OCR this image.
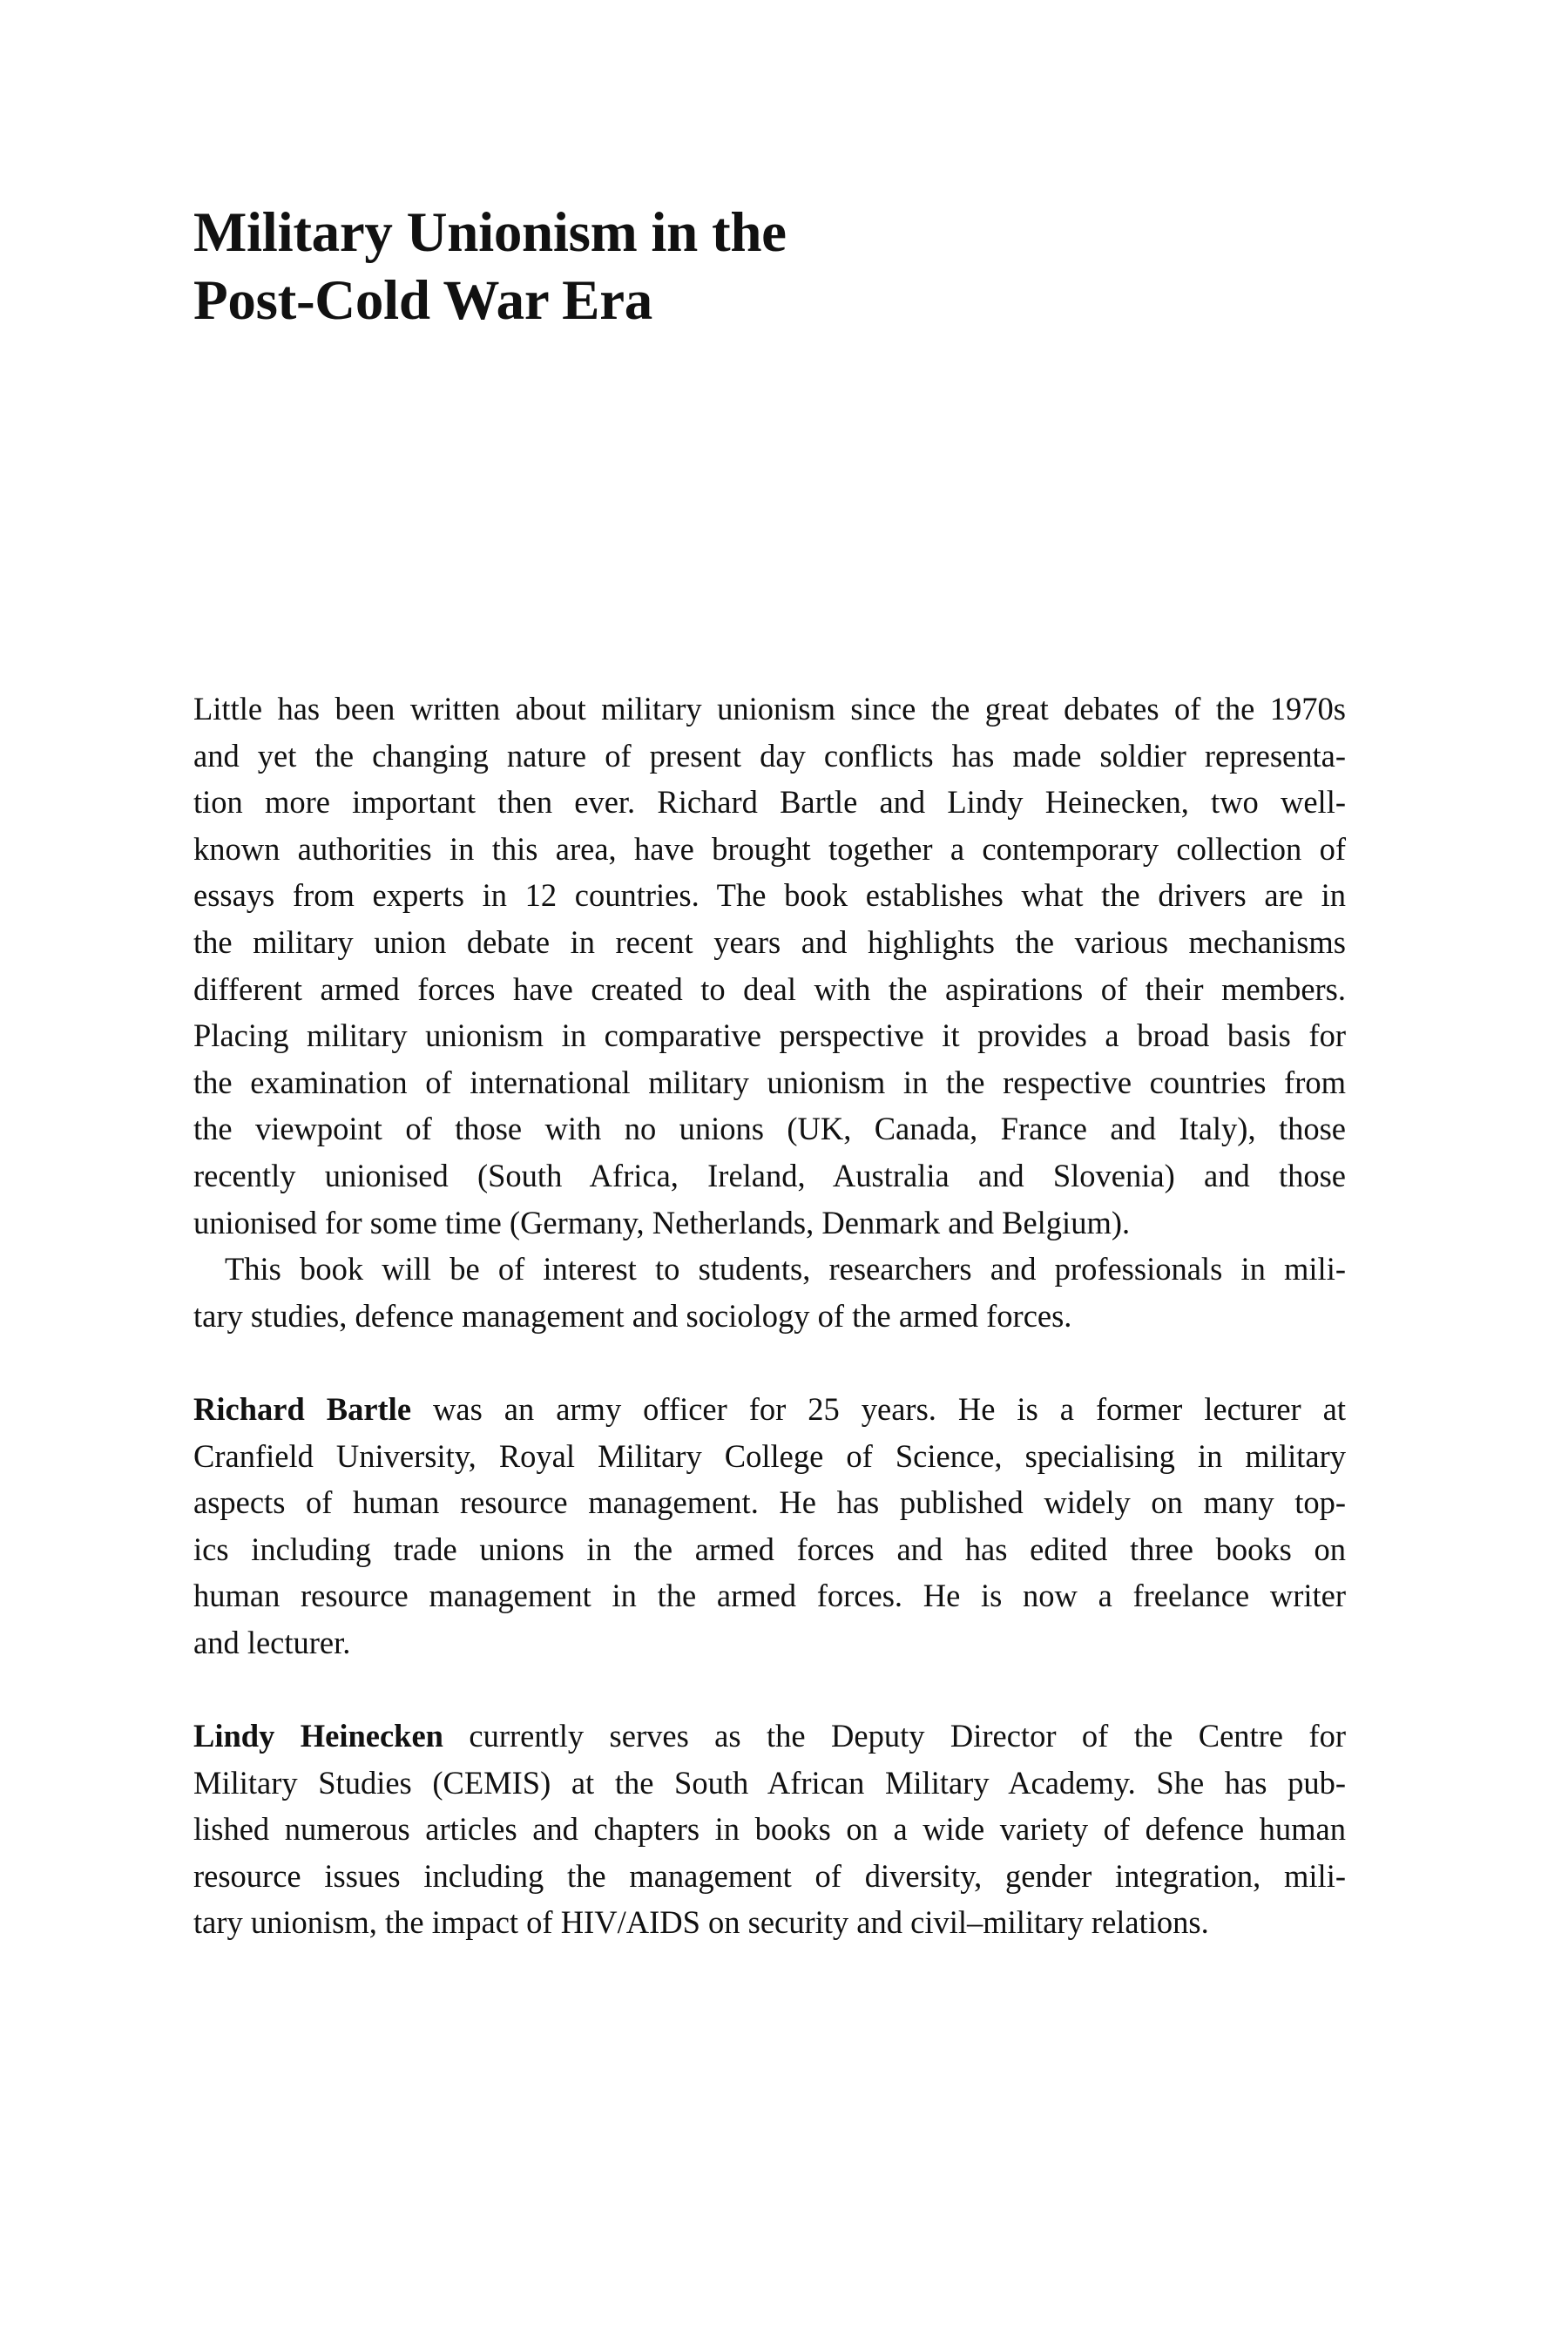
Military Unionism in the
Post-Cold War Era
Little has been written about military unionism since the great debates of the 1970s
and yet the changing nature of present day conflicts has made soldier representa-
tion more important then ever. Richard Bartle and Lindy Heinecken, two well-
known authorities in this area, have brought together a contemporary collection of
essays from experts in 12 countries. The book establishes what the drivers are in
the military union debate in recent years and highlights the various mechanisms
different armed forces have created to deal with the aspirations of their members.
Placing military unionism in comparative perspective it provides a broad basis for
the examination of international military unionism in the respective countries from
the viewpoint of those with no unions (UK, Canada, France and Italy), those
recently unionised (South Africa, Ireland, Australia and Slovenia) and those
unionised for some time (Germany, Netherlands, Denmark and Belgium).
This book will be of interest to students, researchers and professionals in mili-
tary studies, defence management and sociology of the armed forces.
Richard Bartle was an army officer for 25 years. He is a former lecturer at
Cranfield University, Royal Military College of Science, specialising in military
aspects of human resource management. He has published widely on many top-
ics including trade unions in the armed forces and has edited three books on
human resource management in the armed forces. He is now a freelance writer
and lecturer.
Lindy Heinecken currently serves as the Deputy Director of the Centre for
Military Studies (CEMIS) at the South African Military Academy. She has pub-
lished numerous articles and chapters in books on a wide variety of defence human
resource issues including the management of diversity, gender integration, mili-
tary unionism, the impact of HIV/AIDS on security and civil–military relations.
